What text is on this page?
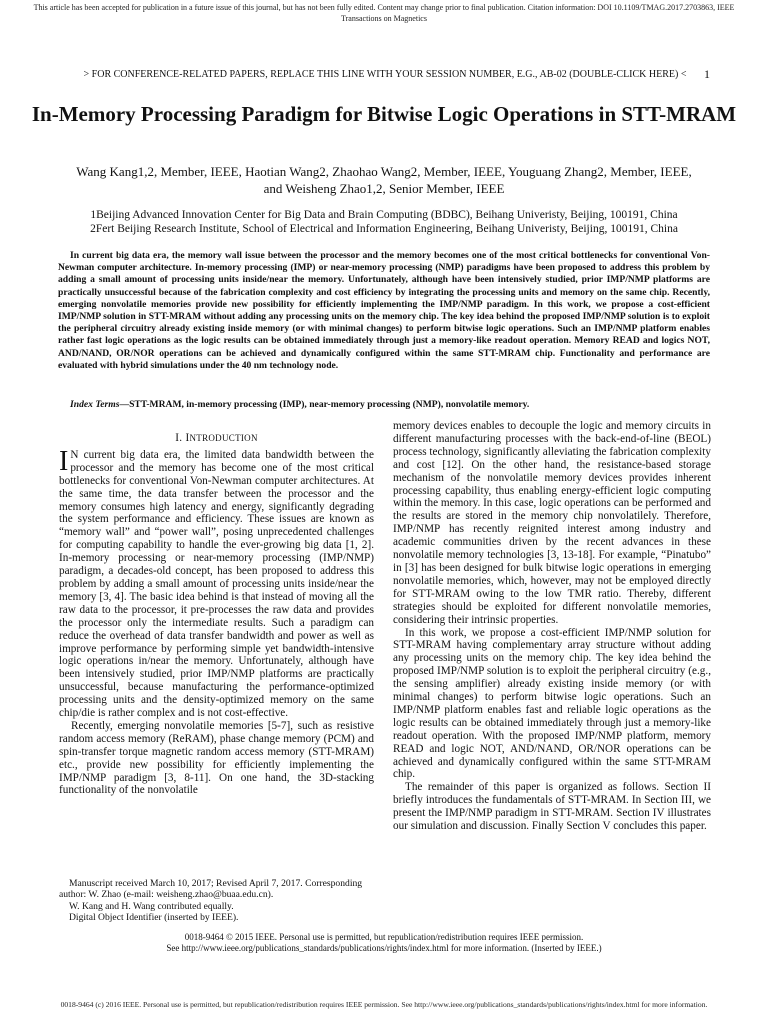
This article has been accepted for publication in a future issue of this journal, but has not been fully edited. Content may change prior to final publication. Citation information: DOI 10.1109/TMAG.2017.2703863, IEEE
Transactions on Magnetics
> FOR CONFERENCE-RELATED PAPERS, REPLACE THIS LINE WITH YOUR SESSION NUMBER, E.G., AB-02 (DOUBLE-CLICK HERE) <	1
In-Memory Processing Paradigm for Bitwise Logic Operations in STT-MRAM
Wang Kang1,2, Member, IEEE, Haotian Wang2, Zhaohao Wang2, Member, IEEE, Youguang Zhang2, Member, IEEE,
and Weisheng Zhao1,2, Senior Member, IEEE
1Beijing Advanced Innovation Center for Big Data and Brain Computing (BDBC), Beihang Univeristy, Beijing, 100191, China
2Fert Beijing Research Institute, School of Electrical and Information Engineering, Beihang Univeristy, Beijing, 100191, China
In current big data era, the memory wall issue between the processor and the memory becomes one of the most critical bottlenecks for conventional Von-Newman computer architecture. In-memory processing (IMP) or near-memory processing (NMP) paradigms have been proposed to address this problem by adding a small amount of processing units inside/near the memory. Unfortunately, although have been intensively studied, prior IMP/NMP platforms are practically unsuccessful because of the fabrication complexity and cost efficiency by integrating the processing units and memory on the same chip. Recently, emerging nonvolatile memories provide new possibility for efficiently implementing the IMP/NMP paradigm. In this work, we propose a cost-efficient IMP/NMP solution in STT-MRAM without adding any processing units on the memory chip. The key idea behind the proposed IMP/NMP solution is to exploit the peripheral circuitry already existing inside memory (or with minimal changes) to perform bitwise logic operations. Such an IMP/NMP platform enables rather fast logic operations as the logic results can be obtained immediately through just a memory-like readout operation. Memory READ and logics NOT, AND/NAND, OR/NOR operations can be achieved and dynamically configured within the same STT-MRAM chip. Functionality and performance are evaluated with hybrid simulations under the 40 nm technology node.
Index Terms—STT-MRAM, in-memory processing (IMP), near-memory processing (NMP), nonvolatile memory.
I. INTRODUCTION

I N current big data era, the limited data bandwidth between the processor and the memory has become one of the most critical bottlenecks for conventional Von-Newman computer architectures. At the same time, the data transfer between the processor and the memory consumes high latency and energy, significantly degrading the system performance and efficiency. These issues are known as “memory wall” and “power wall”, posing unprecedented challenges for computing capability to handle the ever-growing big data [1, 2]. In-memory processing or near-memory processing (IMP/NMP) paradigm, a decades-old concept, has been proposed to address this problem by adding a small amount of processing units inside/near the memory [3, 4]. The basic idea behind is that instead of moving all the raw data to the processor, it pre-processes the raw data and provides the processor only the intermediate results. Such a paradigm can reduce the overhead of data transfer bandwidth and power as well as improve performance by performing simple yet bandwidth-intensive logic operations in/near the memory. Unfortunately, although have been intensively studied, prior IMP/NMP platforms are practically unsuccessful, because manufacturing the performance-optimized processing units and the density-optimized memory on the same chip/die is rather complex and is not cost-effective.

Recently, emerging nonvolatile memories [5-7], such as resistive random access memory (ReRAM), phase change memory (PCM) and spin-transfer torque magnetic random access memory (STT-MRAM) etc., provide new possibility for efficiently implementing the IMP/NMP paradigm [3, 8-11]. On one hand, the 3D-stacking functionality of the nonvolatile

Manuscript received March 10, 2017; Revised April 7, 2017. Corresponding author: W. Zhao (e-mail: weisheng.zhao@buaa.edu.cn).

W. Kang and H. Wang contributed equally.

Digital Object Identifier (inserted by IEEE).

memory devices enables to decouple the logic and memory circuits in different manufacturing processes with the back-end-of-line (BEOL) process technology, significantly alleviating the fabrication complexity and cost [12]. On the other hand, the resistance-based storage mechanism of the nonvolatile memory devices provides inherent processing capability, thus enabling energy-efficient logic computing within the memory. In this case, logic operations can be performed and the results are stored in the memory chip nonvolatilely. Therefore, IMP/NMP has recently reignited interest among industry and academic communities driven by the recent advances in these nonvolatile memory technologies [3, 13-18]. For example, “Pinatubo” in [3] has been designed for bulk bitwise logic operations in emerging nonvolatile memories, which, however, may not be employed directly for STT-MRAM owing to the low TMR ratio. Thereby, different strategies should be exploited for different nonvolatile memories, considering their intrinsic properties.

In this work, we propose a cost-efficient IMP/NMP solution for STT-MRAM having complementary array structure without adding any processing units on the memory chip. The key idea behind the proposed IMP/NMP solution is to exploit the peripheral circuitry (e.g., the sensing amplifier) already existing inside memory (or with minimal changes) to perform bitwise logic operations. Such an IMP/NMP platform enables fast and reliable logic operations as the logic results can be obtained immediately through just a memory-like readout operation. With the proposed IMP/NMP platform, memory READ and logic NOT, AND/NAND, OR/NOR operations can be achieved and dynamically configured within the same STT-MRAM chip.

The remainder of this paper is organized as follows. Section II briefly introduces the fundamentals of STT-MRAM. In Section III, we present the IMP/NMP paradigm in STT-MRAM. Section IV illustrates our simulation and discussion. Finally Section V concludes this paper.

0018-9464 © 2015 IEEE. Personal use is permitted, but republication/redistribution requires IEEE permission.
See http://www.ieee.org/publications_standards/publications/rights/index.html for more information. (Inserted by IEEE.)
0018-9464 (c) 2016 IEEE. Personal use is permitted, but republication/redistribution requires IEEE permission. See http://www.ieee.org/publications_standards/publications/rights/index.html for more information.
